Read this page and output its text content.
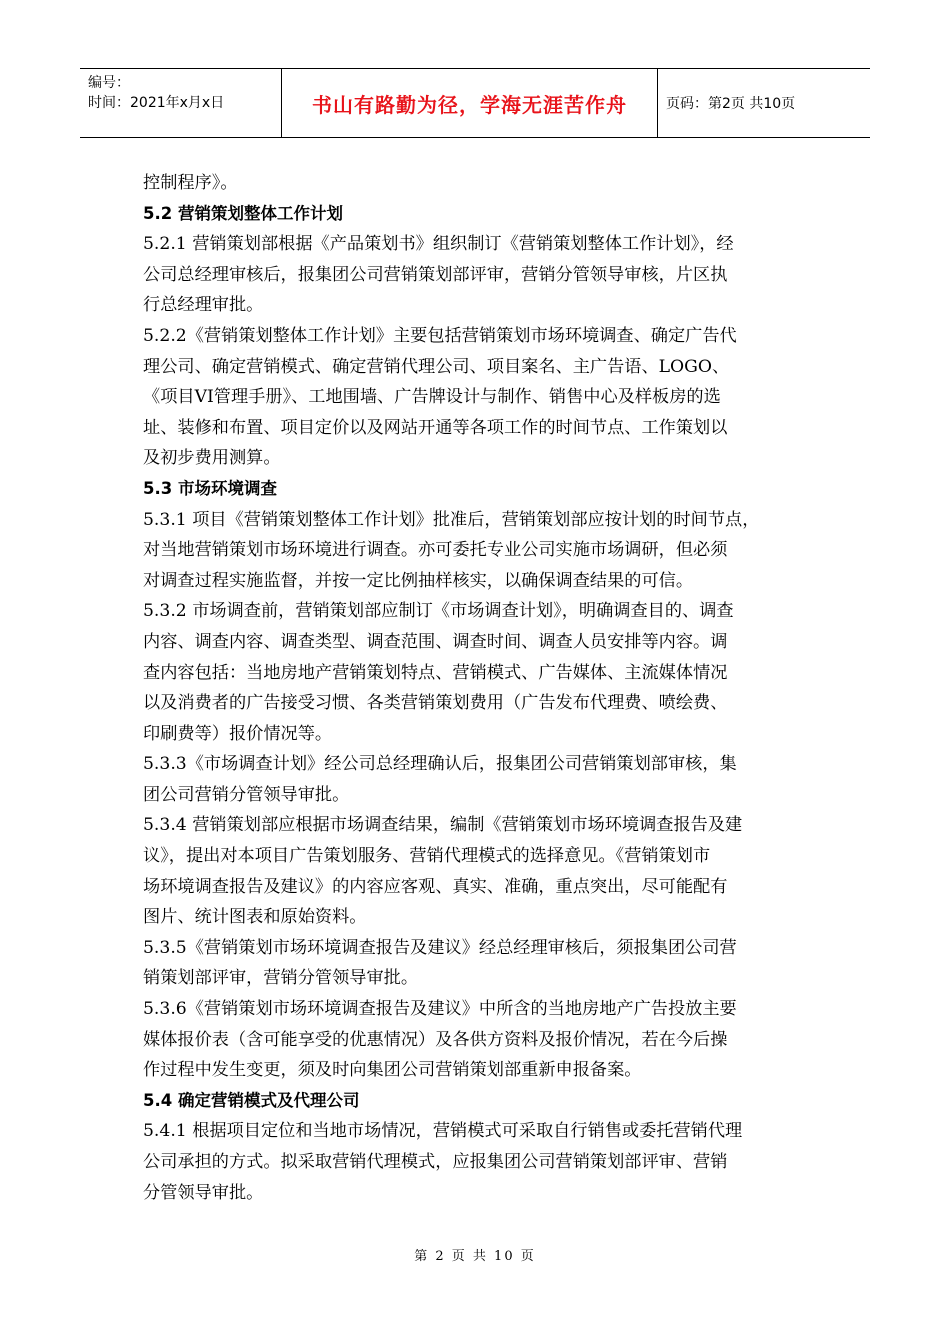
编号：
时间：2021年x月x日	书山有路勤为径，学海无涯苦作舟	页码：第2页 共10页
控制程序》。
5.2 营销策划整体工作计划
5.2.1 营销策划部根据《产品策划书》组织制订《营销策划整体工作计划》，经
公司总经理审核后，报集团公司营销策划部评审，营销分管领导审核，片区执
行总经理审批。
5.2.2《营销策划整体工作计划》主要包括营销策划市场环境调查、确定广告代
理公司、确定营销模式、确定营销代理公司、项目案名、主广告语、LOGO、
《项目VI管理手册》、工地围墙、广告牌设计与制作、销售中心及样板房的选
址、装修和布置、项目定价以及网站开通等各项工作的时间节点、工作策划以
及初步费用测算。
5.3 市场环境调查
5.3.1 项目《营销策划整体工作计划》批准后，营销策划部应按计划的时间节点，
对当地营销策划市场环境进行调查。亦可委托专业公司实施市场调研，但必须
对调查过程实施监督，并按一定比例抽样核实，以确保调查结果的可信。
5.3.2 市场调查前，营销策划部应制订《市场调查计划》，明确调查目的、调查
内容、调查内容、调查类型、调查范围、调查时间、调查人员安排等内容。调
查内容包括：当地房地产营销策划特点、营销模式、广告媒体、主流媒体情况
以及消费者的广告接受习惯、各类营销策划费用（广告发布代理费、喷绘费、
印刷费等）报价情况等。
5.3.3《市场调查计划》经公司总经理确认后，报集团公司营销策划部审核，集
团公司营销分管领导审批。
5.3.4 营销策划部应根据市场调查结果，编制《营销策划市场环境调查报告及建
议》，提出对本项目广告策划服务、营销代理模式的选择意见。《营销策划市
场环境调查报告及建议》的内容应客观、真实、准确，重点突出，尽可能配有
图片、统计图表和原始资料。
5.3.5《营销策划市场环境调查报告及建议》经总经理审核后，须报集团公司营
销策划部评审，营销分管领导审批。
5.3.6《营销策划市场环境调查报告及建议》中所含的当地房地产广告投放主要
媒体报价表（含可能享受的优惠情况）及各供方资料及报价情况，若在今后操
作过程中发生变更，须及时向集团公司营销策划部重新申报备案。
5.4 确定营销模式及代理公司
5.4.1 根据项目定位和当地市场情况，营销模式可采取自行销售或委托营销代理
公司承担的方式。拟采取营销代理模式，应报集团公司营销策划部评审、营销
分管领导审批。
第 2 页 共 10 页
